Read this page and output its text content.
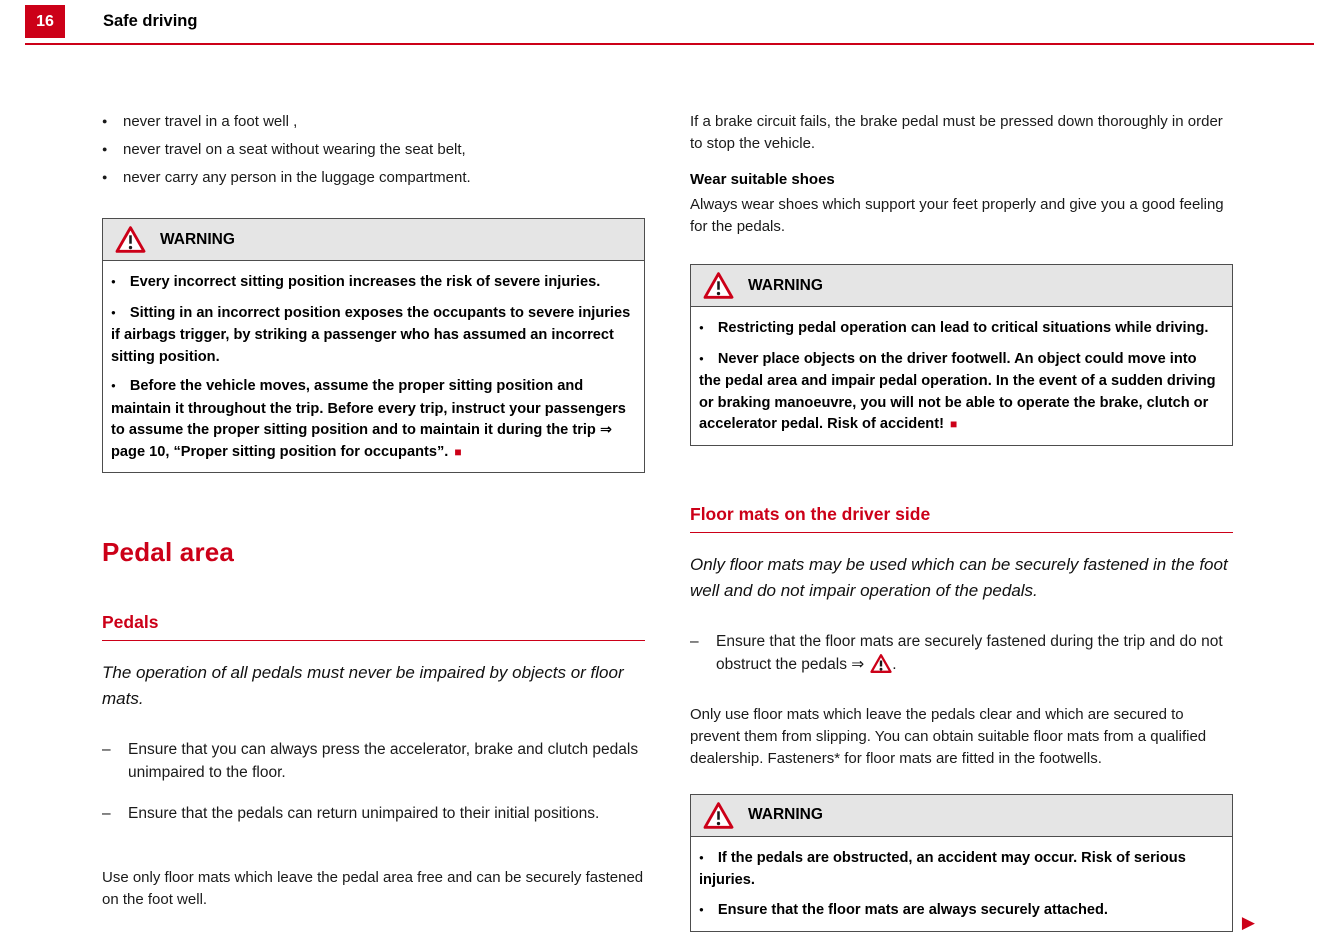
16	Safe driving
●	never travel in a foot well ,
●	never travel on a seat without wearing the seat belt,
●	never carry any person in the luggage compartment.
WARNING

● Every incorrect sitting position increases the risk of severe injuries.

● Sitting in an incorrect position exposes the occupants to severe injuries if airbags trigger, by striking a passenger who has assumed an incorrect sitting position.

● Before the vehicle moves, assume the proper sitting position and maintain it throughout the trip. Before every trip, instruct your passengers to assume the proper sitting position and to maintain it during the trip ⇒ page 10, “Proper sitting position for occupants”. ■

Pedal area
Pedals

The operation of all pedals must never be impaired by objects or floor mats.

–	Ensure that you can always press the accelerator, brake and clutch pedals unimpaired to the floor.

–	Ensure that the pedals can return unimpaired to their initial positions.

Use only floor mats which leave the pedal area free and can be securely fastened on the foot well.

If a brake circuit fails, the brake pedal must be pressed down thoroughly in order to stop the vehicle.

Wear suitable shoes

Always wear shoes which support your feet properly and give you a good feeling for the pedals.

WARNING

● Restricting pedal operation can lead to critical situations while driving.

● Never place objects on the driver footwell. An object could move into the pedal area and impair pedal operation. In the event of a sudden driving or braking manoeuvre, you will not be able to operate the brake, clutch or accelerator pedal. Risk of accident! ■

Floor mats on the driver side

Only floor mats may be used which can be securely fastened in the foot well and do not impair operation of the pedals.

–	Ensure that the floor mats are securely fastened during the trip and do not obstruct the pedals ⇒ .

Only use floor mats which leave the pedals clear and which are secured to prevent them from slipping. You can obtain suitable floor mats from a qualified dealership. Fasteners* for floor mats are fitted in the footwells.

WARNING

● If the pedals are obstructed, an accident may occur. Risk of serious injuries.

● Ensure that the floor mats are always securely attached.

▶
